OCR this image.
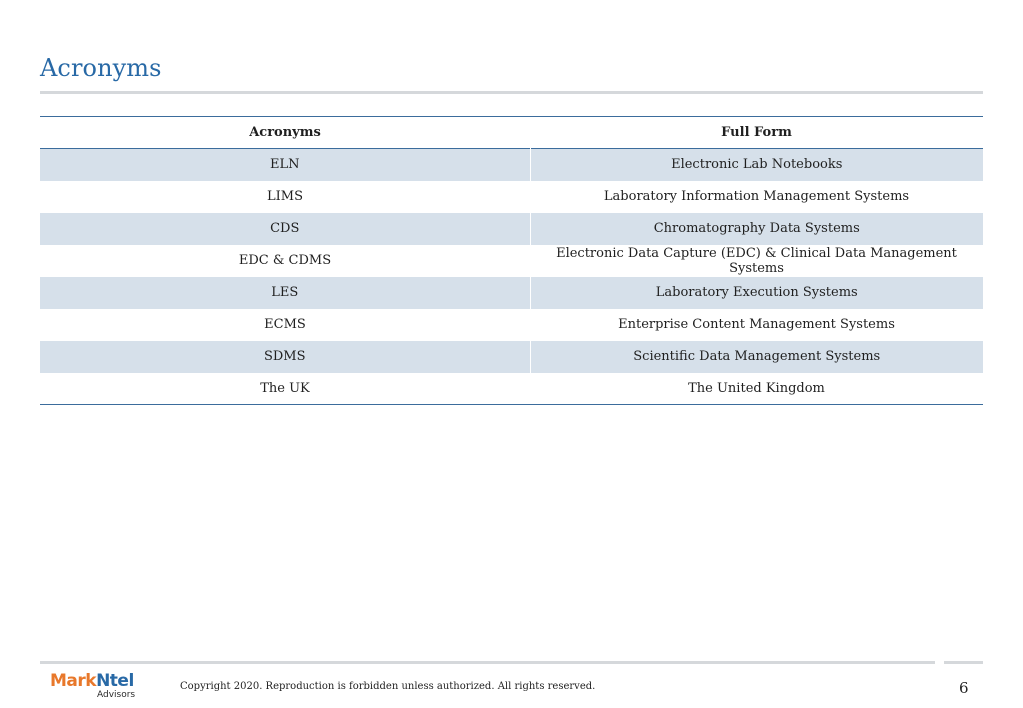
Acronyms
Acronyms	Full Form
ELN	Electronic Lab Notebooks
LIMS	Laboratory Information Management Systems
CDS	Chromatography Data Systems
EDC & CDMS	Electronic Data Capture (EDC) & Clinical Data Management Systems
LES	Laboratory Execution Systems
ECMS	Enterprise Content Management Systems
SDMS	Scientific Data Management Systems
The UK	The United Kingdom
MarkNtel
Advisors
Copyright 2020. Reproduction is forbidden unless authorized. All rights reserved.	6
